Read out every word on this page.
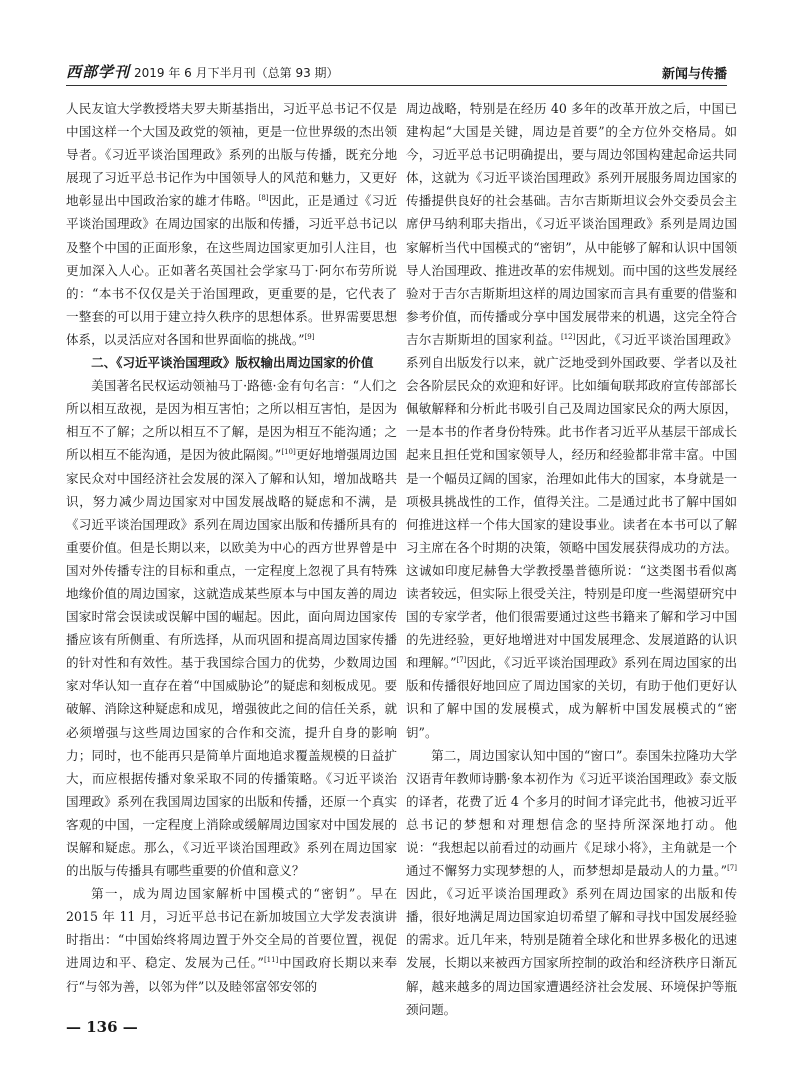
西部学刊 2019 年 6 月下半月刊（总第 93 期）	新闻与传播

人民友谊大学教授塔夫罗夫斯基指出，习近平总书记不仅是中国这样一个大国及政党的领袖，更是一位世界级的杰出领导者。《习近平谈治国理政》系列的出版与传播，既充分地展现了习近平总书记作为中国领导人的风范和魅力，又更好地彰显出中国政治家的雄才伟略。[8]因此，正是通过《习近平谈治国理政》在周边国家的出版和传播，习近平总书记以及整个中国的正面形象，在这些周边国家更加引人注目，也更加深入人心。正如著名英国社会学家马丁·阿尔布劳所说的：“本书不仅仅是关于治国理政，更重要的是，它代表了一整套的可以用于建立持久秩序的思想体系。世界需要思想体系，以灵活应对各国和世界面临的挑战。”[9]

二、《习近平谈治国理政》版权输出周边国家的价值

美国著名民权运动领袖马丁·路德·金有句名言：“人们之所以相互敌视，是因为相互害怕；之所以相互害怕，是因为相互不了解；之所以相互不了解，是因为相互不能沟通；之所以相互不能沟通，是因为彼此隔阂。”[10]更好地增强周边国家民众对中国经济社会发展的深入了解和认知，增加战略共识，努力减少周边国家对中国发展战略的疑虑和不满，是《习近平谈治国理政》系列在周边国家出版和传播所具有的重要价值。但是长期以来，以欧美为中心的西方世界曾是中国对外传播专注的目标和重点，一定程度上忽视了具有特殊地缘价值的周边国家，这就造成某些原本与中国友善的周边国家时常会误读或误解中国的崛起。因此，面向周边国家传播应该有所侧重、有所选择，从而巩固和提高周边国家传播的针对性和有效性。基于我国综合国力的优势，少数周边国家对华认知一直存在着“中国威胁论”的疑虑和刻板成见。要破解、消除这种疑虑和成见，增强彼此之间的信任关系，就必须增强与这些周边国家的合作和交流，提升自身的影响力；同时，也不能再只是简单片面地追求覆盖规模的日益扩大，而应根据传播对象采取不同的传播策略。《习近平谈治国理政》系列在我国周边国家的出版和传播，还原一个真实客观的中国，一定程度上消除或缓解周边国家对中国发展的误解和疑虑。那么，《习近平谈治国理政》系列在周边国家的出版与传播具有哪些重要的价值和意义？

第一，成为周边国家解析中国模式的“密钥”。早在 2015 年 11 月，习近平总书记在新加坡国立大学发表演讲时指出：“中国始终将周边置于外交全局的首要位置，视促进周边和平、稳定、发展为己任。”[11]中国政府长期以来奉行“与邻为善，以邻为伴”以及睦邻富邻安邻的

周边战略，特别是在经历 40 多年的改革开放之后，中国已建构起“大国是关键，周边是首要”的全方位外交格局。如今，习近平总书记明确提出，要与周边邻国构建起命运共同体，这就为《习近平谈治国理政》系列开展服务周边国家的传播提供良好的社会基础。吉尔吉斯斯坦议会外交委员会主席伊马纳利耶夫指出，《习近平谈治国理政》系列是周边国家解析当代中国模式的“密钥”，从中能够了解和认识中国领导人治国理政、推进改革的宏伟规划。而中国的这些发展经验对于吉尔吉斯斯坦这样的周边国家而言具有重要的借鉴和参考价值，而传播或分享中国发展带来的机遇，这完全符合吉尔吉斯斯坦的国家利益。[12]因此，《习近平谈治国理政》系列自出版发行以来，就广泛地受到外国政要、学者以及社会各阶层民众的欢迎和好评。比如缅甸联邦政府宣传部部长佩敏解释和分析此书吸引自己及周边国家民众的两大原因，一是本书的作者身份特殊。此书作者习近平从基层干部成长起来且担任党和国家领导人，经历和经验都非常丰富。中国是一个幅员辽阔的国家，治理如此伟大的国家，本身就是一项极具挑战性的工作，值得关注。二是通过此书了解中国如何推进这样一个伟大国家的建设事业。读者在本书可以了解习主席在各个时期的决策，领略中国发展获得成功的方法。这诚如印度尼赫鲁大学教授墨普德所说：“这类图书看似离读者较远，但实际上很受关注，特别是印度一些渴望研究中国的专家学者，他们很需要通过这些书籍来了解和学习中国的先进经验，更好地增进对中国发展理念、发展道路的认识和理解。”[7]因此，《习近平谈治国理政》系列在周边国家的出版和传播很好地回应了周边国家的关切，有助于他们更好认识和了解中国的发展模式，成为解析中国发展模式的“密钥”。

第二，周边国家认知中国的“窗口”。泰国朱拉隆功大学汉语青年教师诗鹏·象本初作为《习近平谈治国理政》泰文版的译者，花费了近 4 个多月的时间才译完此书，他被习近平总书记的梦想和对理想信念的坚持所深深地打动。他说：“我想起以前看过的动画片《足球小将》，主角就是一个通过不懈努力实现梦想的人，而梦想却是最动人的力量。”[7]因此，《习近平谈治国理政》系列在周边国家的出版和传播，很好地满足周边国家迫切希望了解和寻找中国发展经验的需求。近几年来，特别是随着全球化和世界多极化的迅速发展，长期以来被西方国家所控制的政治和经济秩序日渐瓦解，越来越多的周边国家遭遇经济社会发展、环境保护等瓶颈问题。

— 136 —
